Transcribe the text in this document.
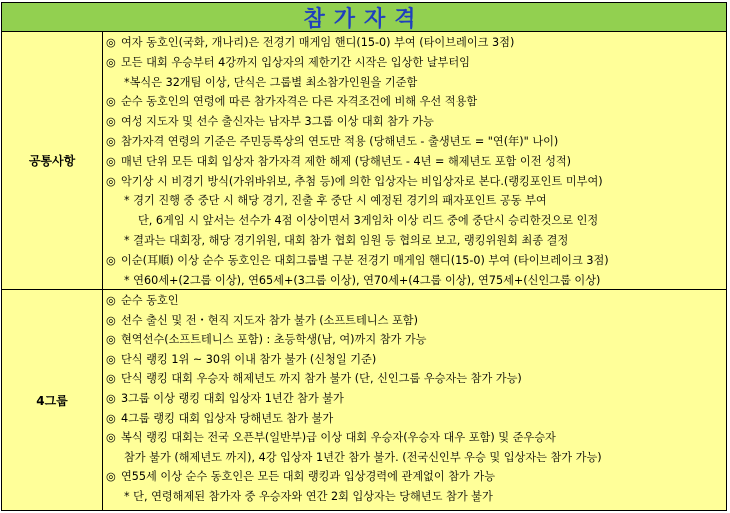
참가자격
공통사항
◎ 여자 동호인(국화, 개나리)은 전경기 매게임 핸디(15-0) 부여 (타이브레이크 3점)
◎ 모든 대회 우승부터 4강까지 입상자의 제한기간 시작은 입상한 날부터임
*복식은 32개팀 이상, 단식은 그룹별 최소참가인원을 기준함
◎ 순수 동호인의 연령에 따른 참가자격은 다른 자격조건에 비해 우선 적용함
◎ 여성 지도자 및 선수 출신자는 남자부 3그룹 이상 대회 참가 가능
◎ 참가자격 연령의 기준은 주민등록상의 연도만 적용 (당해년도 - 출생년도 = "연(年)" 나이)
◎ 매년 단위 모든 대회 입상자 참가자격 제한 해제 (당해년도 - 4년 = 해제년도 포함 이전 성적)
◎ 악기상 시 비경기 방식(가위바위보, 추첨 등)에 의한 입상자는 비입상자로 본다.(랭킹포인트 미부여)
* 경기 진행 중 중단 시 해당 경기, 진출 후 중단 시 예정된 경기의 패자포인트 공동 부여
단, 6게임 시 앞서는 선수가 4점 이상이면서 3게임차 이상 리드 중에 중단시 승리한것으로 인정
* 결과는 대회장, 해당 경기위원, 대회 참가 협회 임원 등 협의로 보고, 랭킹위원회 최종 결정
◎ 이순(耳順) 이상 순수 동호인은 대회그룹별 구분 전경기 매게임 핸디(15-0) 부여 (타이브레이크 3점)
* 연60세+(2그룹 이상), 연65세+(3그룹 이상), 연70세+(4그룹 이상), 연75세+(신인그룹 이상)
4그룹
◎ 순수 동호인
◎ 선수 출신 및 전・현직 지도자 참가 불가 (소프트테니스 포함)
◎ 현역선수(소프트테니스 포함) : 초등학생(남, 여)까지 참가 가능
◎ 단식 랭킹 1위 ~ 30위 이내 참가 불가 (신청일 기준)
◎ 단식 랭킹 대회 우승자 해제년도 까지 참가 불가 (단, 신인그룹 우승자는 참가 가능)
◎ 3그룹 이상 랭킹 대회 입상자 1년간 참가 불가
◎ 4그룹 랭킹 대회 입상자 당해년도 참가 불가
◎ 복식 랭킹 대회는 전국 오픈부(일반부)급 이상 대회 우승자(우승자 대우 포함) 및 준우승자
참가 불가 (해제년도 까지), 4강 입상자 1년간 참가 불가. (전국신인부 우승 및 입상자는 참가 가능)
◎ 연55세 이상 순수 동호인은 모든 대회 랭킹과 입상경력에 관계없이 참가 가능
* 단, 연령해제된 참가자 중 우승자와 연간 2회 입상자는 당해년도 참가 불가
